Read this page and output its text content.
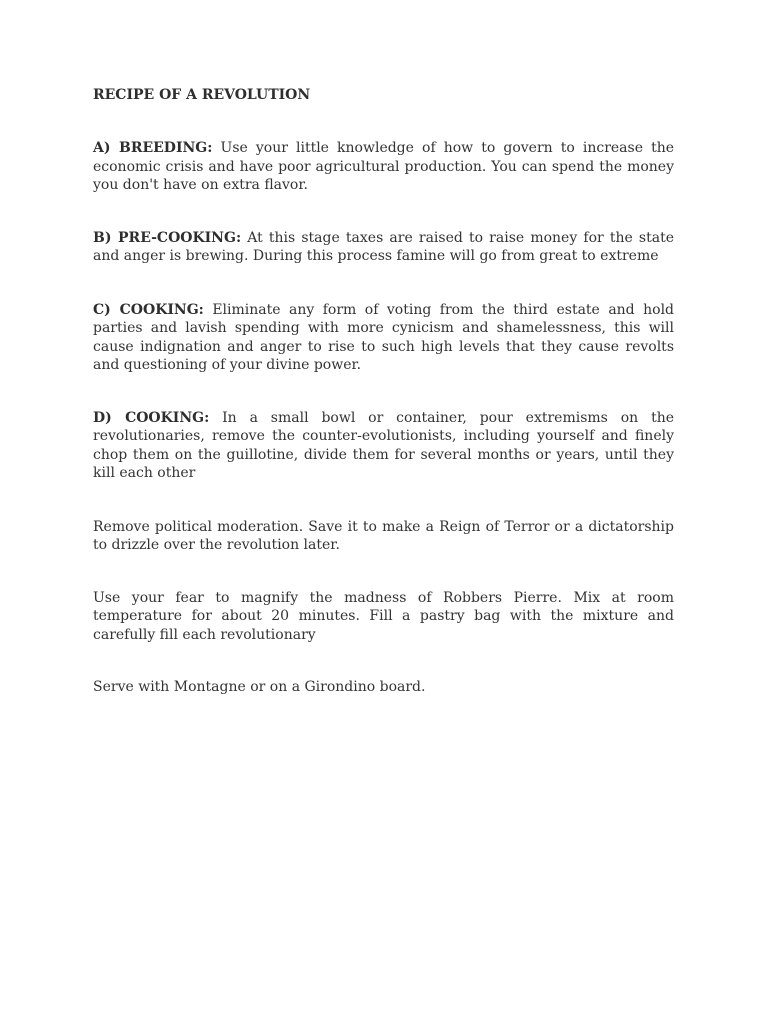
RECIPE OF A REVOLUTION

A) BREEDING: Use your little knowledge of how to govern to increase the economic crisis and have poor agricultural production. You can spend the money you don't have on extra flavor.

B) PRE-COOKING: At this stage taxes are raised to raise money for the state and anger is brewing. During this process famine will go from great to extreme

C) COOKING: Eliminate any form of voting from the third estate and hold parties and lavish spending with more cynicism and shamelessness, this will cause indignation and anger to rise to such high levels that they cause revolts and questioning of your divine power.

D) COOKING: In a small bowl or container, pour extremisms on the revolutionaries, remove the counter-evolutionists, including yourself and finely chop them on the guillotine, divide them for several months or years, until they kill each other

Remove political moderation. Save it to make a Reign of Terror or a dictatorship to drizzle over the revolution later.

Use your fear to magnify the madness of Robbers Pierre. Mix at room temperature for about 20 minutes. Fill a pastry bag with the mixture and carefully fill each revolutionary

Serve with Montagne or on a Girondino board.
